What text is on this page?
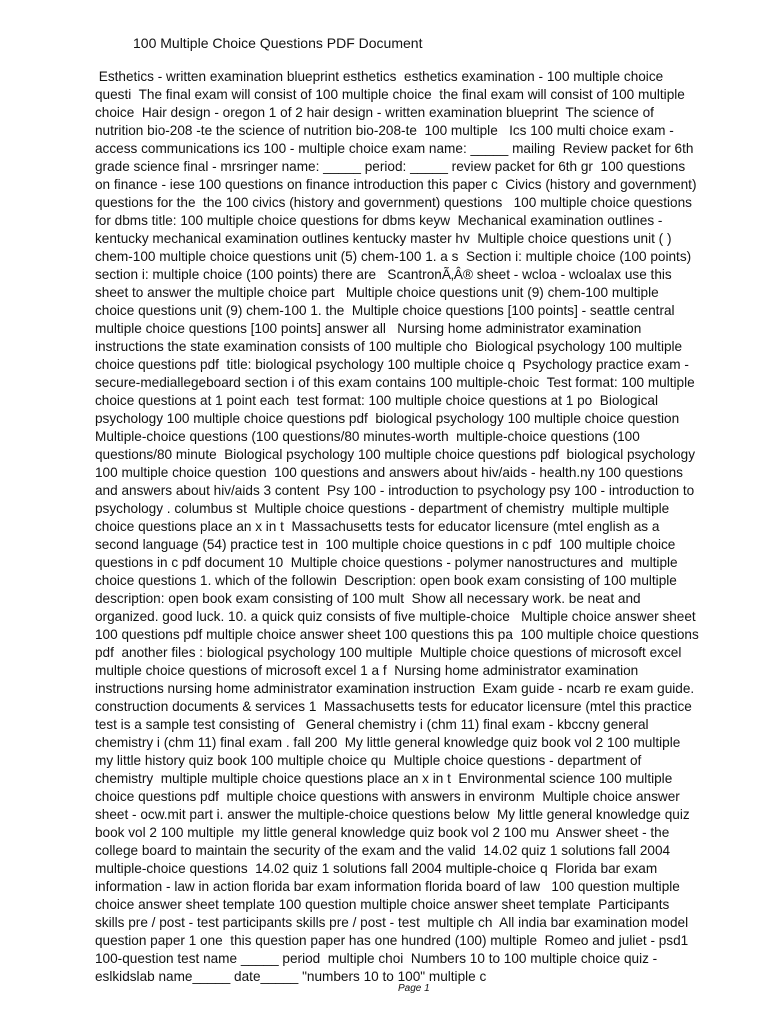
100 Multiple Choice Questions PDF Document
Esthetics - written examination blueprint esthetics  esthetics examination - 100 multiple choice
questi  The final exam will consist of 100 multiple choice  the final exam will consist of 100 multiple
choice  Hair design - oregon 1 of 2 hair design - written examination blueprint  The science of
nutrition bio-208 -te the science of nutrition bio-208-te  100 multiple   Ics 100 multi choice exam -
access communications ics 100 - multiple choice exam name: _____ mailing  Review packet for 6th
grade science final - mrsringer name: _____ period: _____ review packet for 6th gr  100 questions
on finance - iese 100 questions on finance introduction this paper c  Civics (history and government)
questions for the  the 100 civics (history and government) questions   100 multiple choice questions
for dbms title: 100 multiple choice questions for dbms keyw  Mechanical examination outlines -
kentucky mechanical examination outlines kentucky master hv  Multiple choice questions unit ( )
chem-100 multiple choice questions unit (5) chem-100 1. a s  Section i: multiple choice (100 points)
section i: multiple choice (100 points) there are   ScantronÃ‚Â® sheet - wcloa - wcloalax use this
sheet to answer the multiple choice part   Multiple choice questions unit (9) chem-100 multiple
choice questions unit (9) chem-100 1. the  Multiple choice questions [100 points] - seattle central
multiple choice questions [100 points] answer all   Nursing home administrator examination
instructions the state examination consists of 100 multiple cho  Biological psychology 100 multiple
choice questions pdf  title: biological psychology 100 multiple choice q  Psychology practice exam -
secure-mediallegeboard section i of this exam contains 100 multiple-choic  Test format: 100 multiple
choice questions at 1 point each  test format: 100 multiple choice questions at 1 po  Biological
psychology 100 multiple choice questions pdf  biological psychology 100 multiple choice question
Multiple-choice questions (100 questions/80 minutes-worth  multiple-choice questions (100
questions/80 minute  Biological psychology 100 multiple choice questions pdf  biological psychology
100 multiple choice question  100 questions and answers about hiv/aids - health.ny 100 questions
and answers about hiv/aids 3 content  Psy 100 - introduction to psychology psy 100 - introduction to
psychology . columbus st  Multiple choice questions - department of chemistry  multiple multiple
choice questions place an x in t  Massachusetts tests for educator licensure (mtel english as a
second language (54) practice test in  100 multiple choice questions in c pdf  100 multiple choice
questions in c pdf document 10  Multiple choice questions - polymer nanostructures and  multiple
choice questions 1. which of the followin  Description: open book exam consisting of 100 multiple
description: open book exam consisting of 100 mult  Show all necessary work. be neat and
organized. good luck. 10. a quick quiz consists of five multiple-choice   Multiple choice answer sheet
100 questions pdf multiple choice answer sheet 100 questions this pa  100 multiple choice questions
pdf  another files : biological psychology 100 multiple  Multiple choice questions of microsoft excel
multiple choice questions of microsoft excel 1 a f  Nursing home administrator examination
instructions nursing home administrator examination instruction  Exam guide - ncarb re exam guide.
construction documents & services 1  Massachusetts tests for educator licensure (mtel this practice
test is a sample test consisting of   General chemistry i (chm 11) final exam - kbccny general
chemistry i (chm 11) final exam . fall 200  My little general knowledge quiz book vol 2 100 multiple
my little history quiz book 100 multiple choice qu  Multiple choice questions - department of
chemistry  multiple multiple choice questions place an x in t  Environmental science 100 multiple
choice questions pdf  multiple choice questions with answers in environm  Multiple choice answer
sheet - ocw.mit part i. answer the multiple-choice questions below  My little general knowledge quiz
book vol 2 100 multiple  my little general knowledge quiz book vol 2 100 mu  Answer sheet - the
college board to maintain the security of the exam and the valid  14.02 quiz 1 solutions fall 2004
multiple-choice questions  14.02 quiz 1 solutions fall 2004 multiple-choice q  Florida bar exam
information - law in action florida bar exam information florida board of law   100 question multiple
choice answer sheet template 100 question multiple choice answer sheet template  Participants
skills pre / post - test participants skills pre / post - test  multiple ch  All india bar examination model
question paper 1 one  this question paper has one hundred (100) multiple  Romeo and juliet - psd1
100-question test name _____ period  multiple choi  Numbers 10 to 100 multiple choice quiz -
eslkidslab name_____ date_____ "numbers 10 to 100" multiple c
Page 1
